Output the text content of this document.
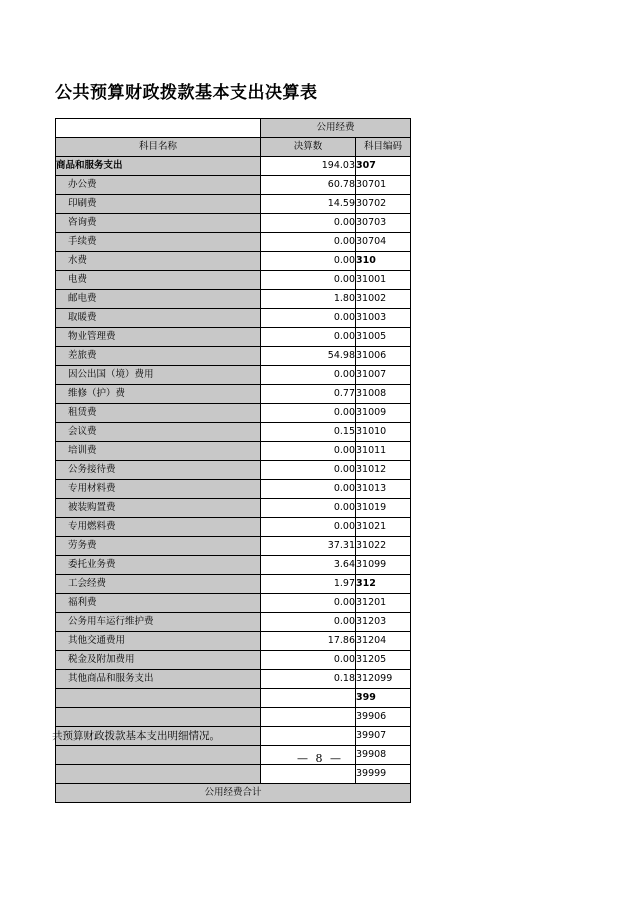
公共预算财政拨款基本支出决算表
	公用经费	
科目名称	决算数	科目编码
商品和服务支出	194.03	307
办公费	60.78	30701
印刷费	14.59	30702
咨询费	0.00	30703
手续费	0.00	30704
水费	0.00	310
电费	0.00	31001
邮电费	1.80	31002
取暖费	0.00	31003
物业管理费	0.00	31005
差旅费	54.98	31006
因公出国（境）费用	0.00	31007
维修（护）费	0.77	31008
租赁费	0.00	31009
会议费	0.15	31010
培训费	0.00	31011
公务接待费	0.00	31012
专用材料费	0.00	31013
被装购置费	0.00	31019
专用燃料费	0.00	31021
劳务费	37.31	31022
委托业务费	3.64	31099
工会经费	1.97	312
福利费	0.00	31201
公务用车运行维护费	0.00	31203
其他交通费用	17.86	31204
税金及附加费用	0.00	31205
其他商品和服务支出	0.18	312099
		399
		39906
		39907
		39908
		39999
公用经费合计		
共预算财政拨款基本支出明细情况。
— 8 —
